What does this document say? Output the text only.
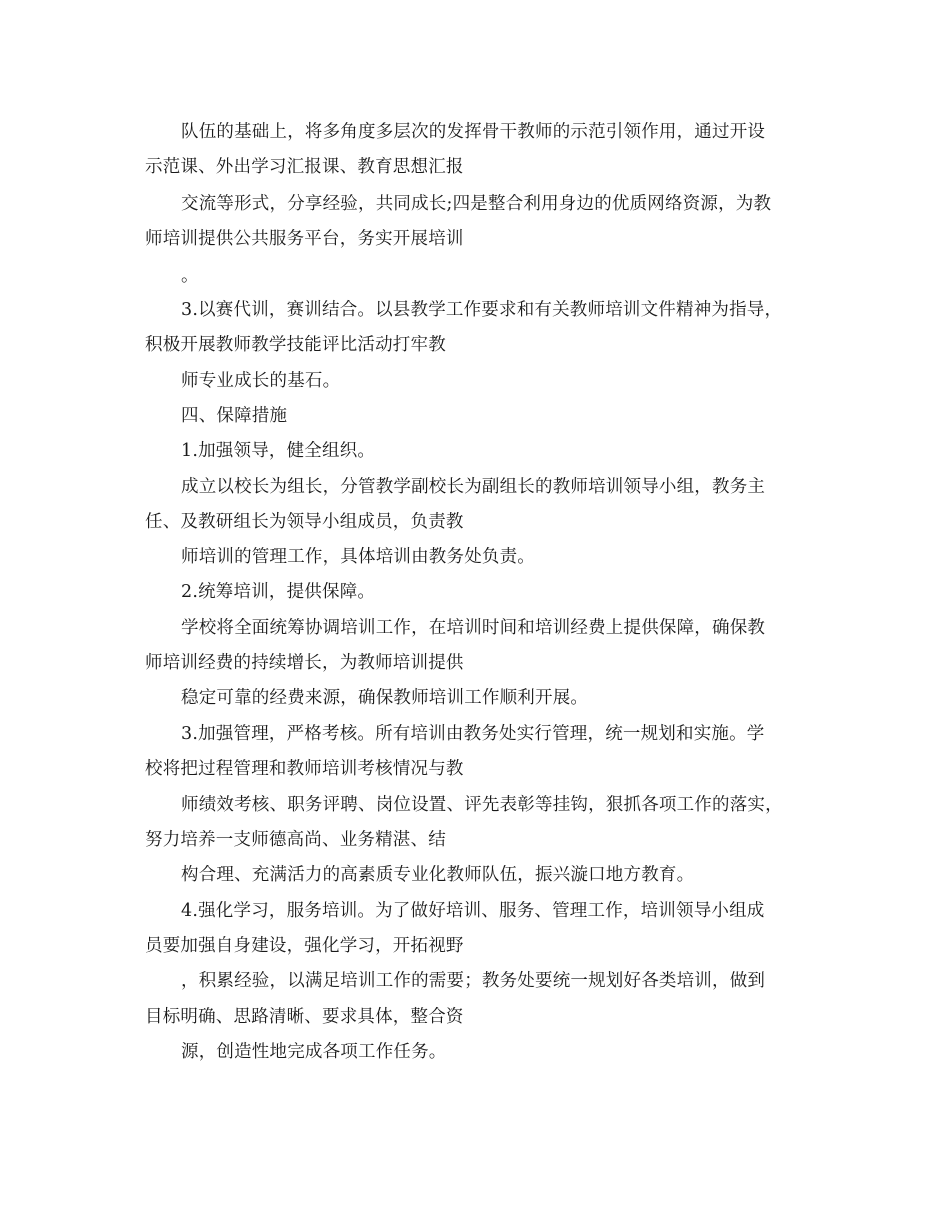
队伍的基础上，将多角度多层次的发挥骨干教师的示范引领作用，通过开设
示范课、外出学习汇报课、教育思想汇报
交流等形式，分享经验，共同成长;四是整合利用身边的优质网络资源，为教
师培训提供公共服务平台，务实开展培训
。
3.以赛代训，赛训结合。以县教学工作要求和有关教师培训文件精神为指导，
积极开展教师教学技能评比活动打牢教
师专业成长的基石。
四、保障措施
1.加强领导，健全组织。
成立以校长为组长，分管教学副校长为副组长的教师培训领导小组，教务主
任、及教研组长为领导小组成员，负责教
师培训的管理工作，具体培训由教务处负责。
2.统筹培训，提供保障。
学校将全面统筹协调培训工作，在培训时间和培训经费上提供保障，确保教
师培训经费的持续增长，为教师培训提供
稳定可靠的经费来源，确保教师培训工作顺利开展。
3.加强管理，严格考核。所有培训由教务处实行管理，统一规划和实施。学
校将把过程管理和教师培训考核情况与教
师绩效考核、职务评聘、岗位设置、评先表彰等挂钩，狠抓各项工作的落实，
努力培养一支师德高尚、业务精湛、结
构合理、充满活力的高素质专业化教师队伍，振兴漩口地方教育。
4.强化学习，服务培训。为了做好培训、服务、管理工作，培训领导小组成
员要加强自身建设，强化学习，开拓视野
，积累经验，以满足培训工作的需要；教务处要统一规划好各类培训，做到
目标明确、思路清晰、要求具体，整合资
源，创造性地完成各项工作任务。
